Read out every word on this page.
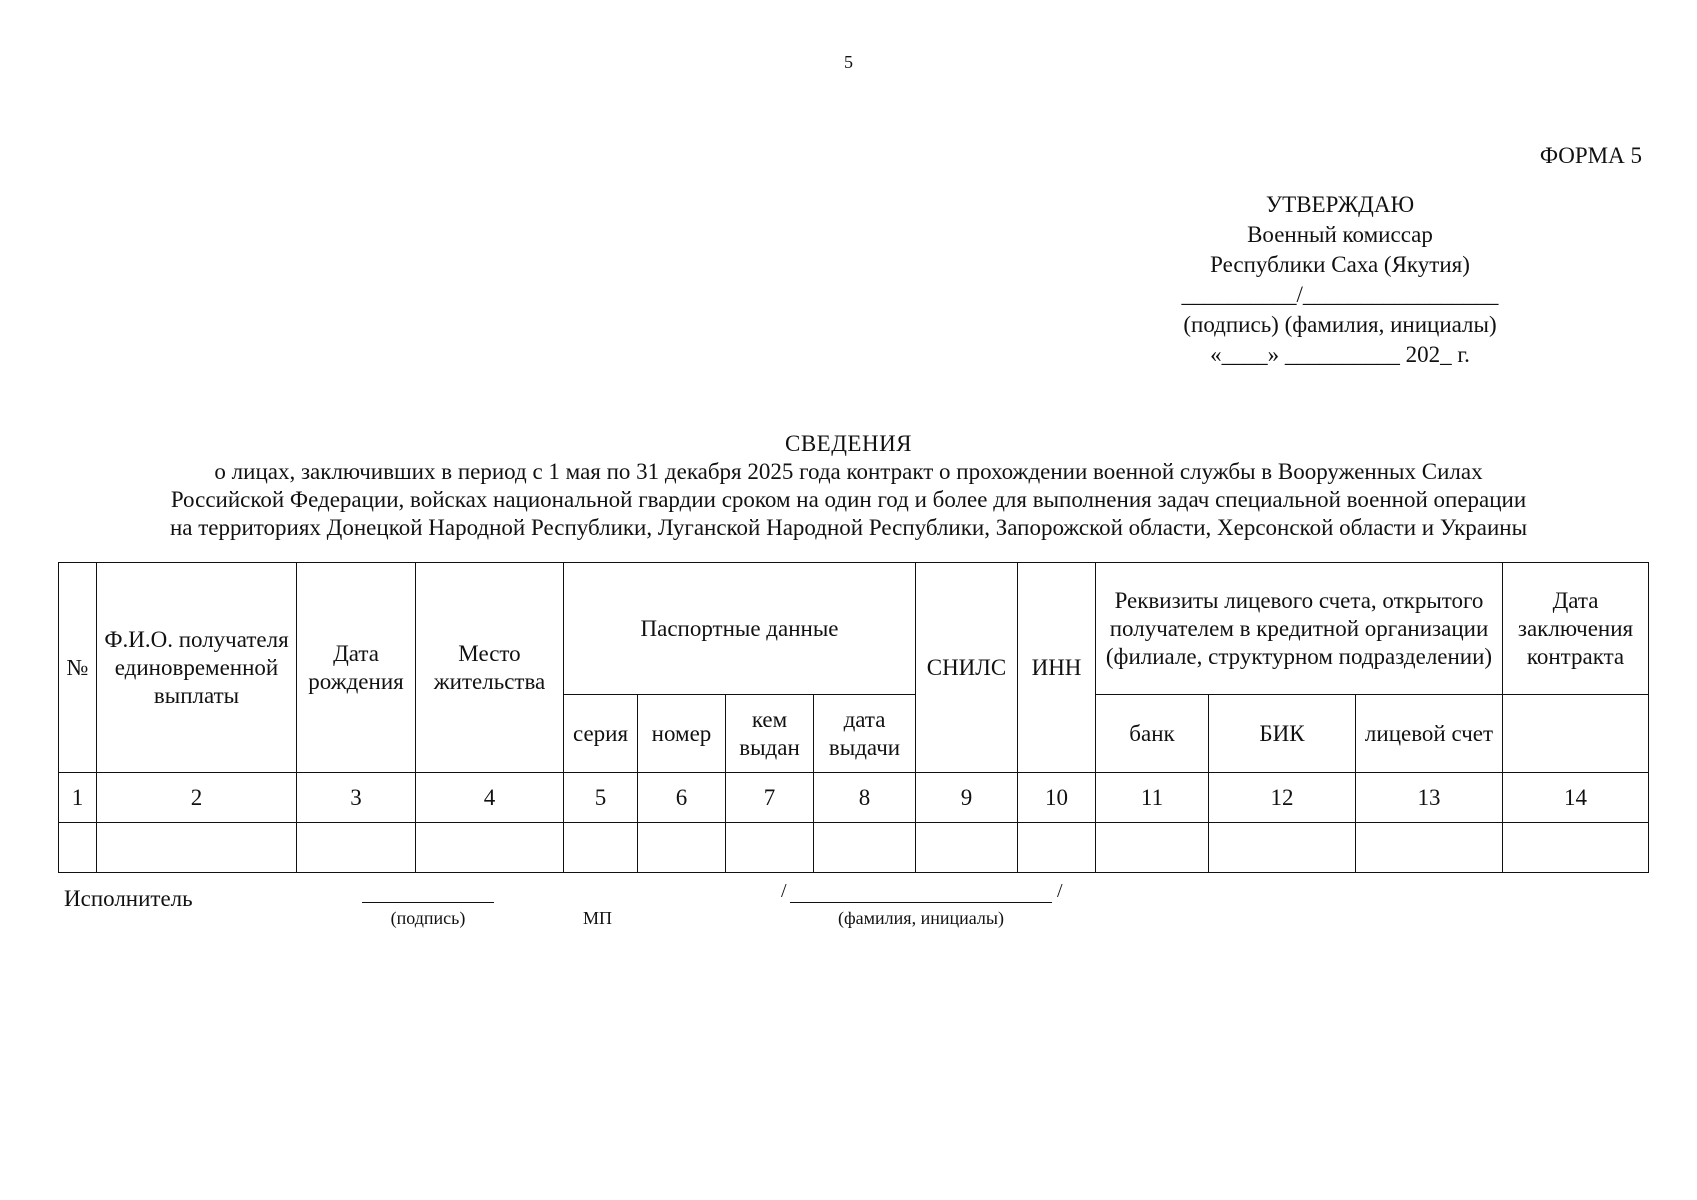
5
ФОРМА 5
УТВЕРЖДАЮ
Военный комиссар
Республики Саха (Якутия)
__________/_________________
(подпись) (фамилия, инициалы)
«____» __________ 202_ г.
СВЕДЕНИЯ
о лицах, заключивших в период с 1 мая по 31 декабря 2025 года контракт о прохождении военной службы в Вооруженных Силах
Российской Федерации, войсках национальной гвардии сроком на один год и более для выполнения задач специальной военной операции
на территориях Донецкой Народной Республики, Луганской Народной Республики, Запорожской области, Херсонской области и Украины
№	Ф.И.О. получателя единовременной выплаты	Дата рождения	Место жительства	Паспортные данные				СНИЛС	ИНН	Реквизиты лицевого счета, открытого получателем в кредитной организации (филиале, структурном подразделении)			Дата заключения контракта
				серия	номер	кем выдан	дата выдачи			банк	БИК	лицевой счет	
1	2	3	4	5	6	7	8	9	10	11	12	13	14

Исполнитель
(подпись)	МП
/	/
(фамилия, инициалы)
